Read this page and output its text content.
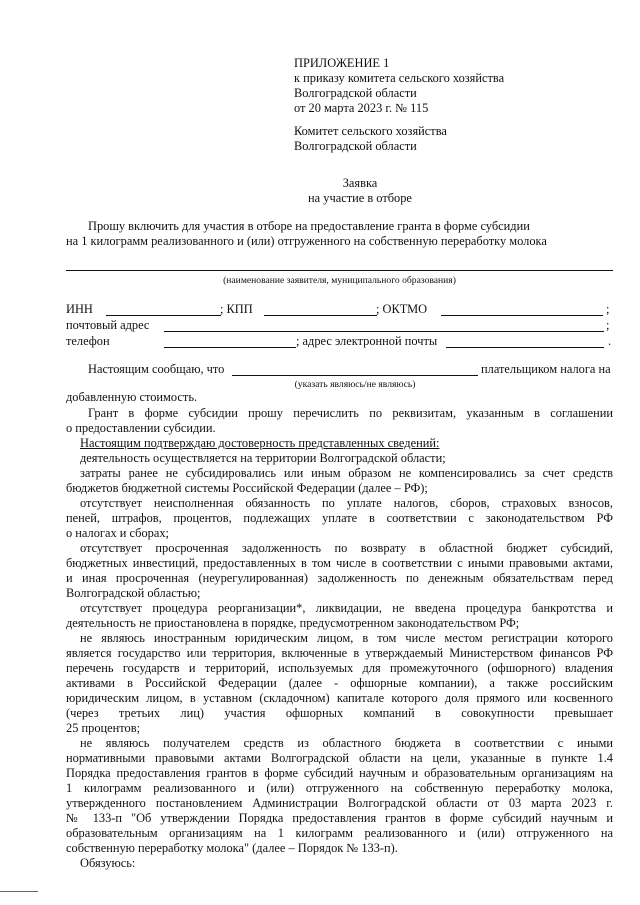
ПРИЛОЖЕНИЕ 1
к приказу комитета сельского хозяйства
Волгоградской области
от 20 марта 2023 г. № 115
Комитет сельского хозяйства
Волгоградской области
Заявка
на участие в отборе
Прошу включить для участия в отборе на предоставление гранта в форме субсидии
на 1 килограмм реализованного и (или) отгруженного на собственную переработку молока
(наименование заявителя, муниципального образования)
ИНН	; КПП	; ОКТМО	;
почтовый адрес	;
телефон	; адрес электронной почты	.
Настоящим сообщаю, что	плательщиком налога на
(указать являюсь/не являюсь)
добавленную стоимость.
Грант в форме субсидии прошу перечислить по реквизитам, указанным в соглашении
о предоставлении субсидии.
Настоящим подтверждаю достоверность представленных сведений:
деятельность осуществляется на территории Волгоградской области;
затраты ранее не субсидировались или иным образом не компенсировались за счет средств
бюджетов бюджетной системы Российской Федерации (далее – РФ);
отсутствует неисполненная обязанность по уплате налогов, сборов, страховых взносов,
пеней, штрафов, процентов, подлежащих уплате в соответствии с законодательством РФ
о налогах и сборах;
отсутствует просроченная задолженность по возврату в областной бюджет субсидий,
бюджетных инвестиций, предоставленных в том числе в соответствии с иными правовыми актами,
и иная просроченная (неурегулированная) задолженность по денежным обязательствам перед
Волгоградской областью;
отсутствует процедура реорганизации*, ликвидации, не введена процедура банкротства и
деятельность не приостановлена в порядке, предусмотренном законодательством РФ;
не являюсь иностранным юридическим лицом, в том числе местом регистрации которого
является государство или территория, включенные в утверждаемый Министерством финансов РФ
перечень государств и территорий, используемых для промежуточного (офшорного) владения
активами в Российской Федерации (далее - офшорные компании), а также российским
юридическим лицом, в уставном (складочном) капитале которого доля прямого или косвенного
(через третьих лиц) участия офшорных компаний в совокупности превышает
25 процентов;
не являюсь получателем средств из областного бюджета в соответствии с иными
нормативными правовыми актами Волгоградской области на цели, указанные в пункте 1.4
Порядка предоставления грантов в форме субсидий научным и образовательным организациям на
1 килограмм реализованного и (или) отгруженного на собственную переработку молока,
утвержденного постановлением Администрации Волгоградской области от 03 марта 2023 г.
№ 133-п "Об утверждении Порядка предоставления грантов в форме субсидий научным и
образовательным организациям на 1 килограмм реализованного и (или) отгруженного на
собственную переработку молока" (далее – Порядок № 133-п).
Обязуюсь:
